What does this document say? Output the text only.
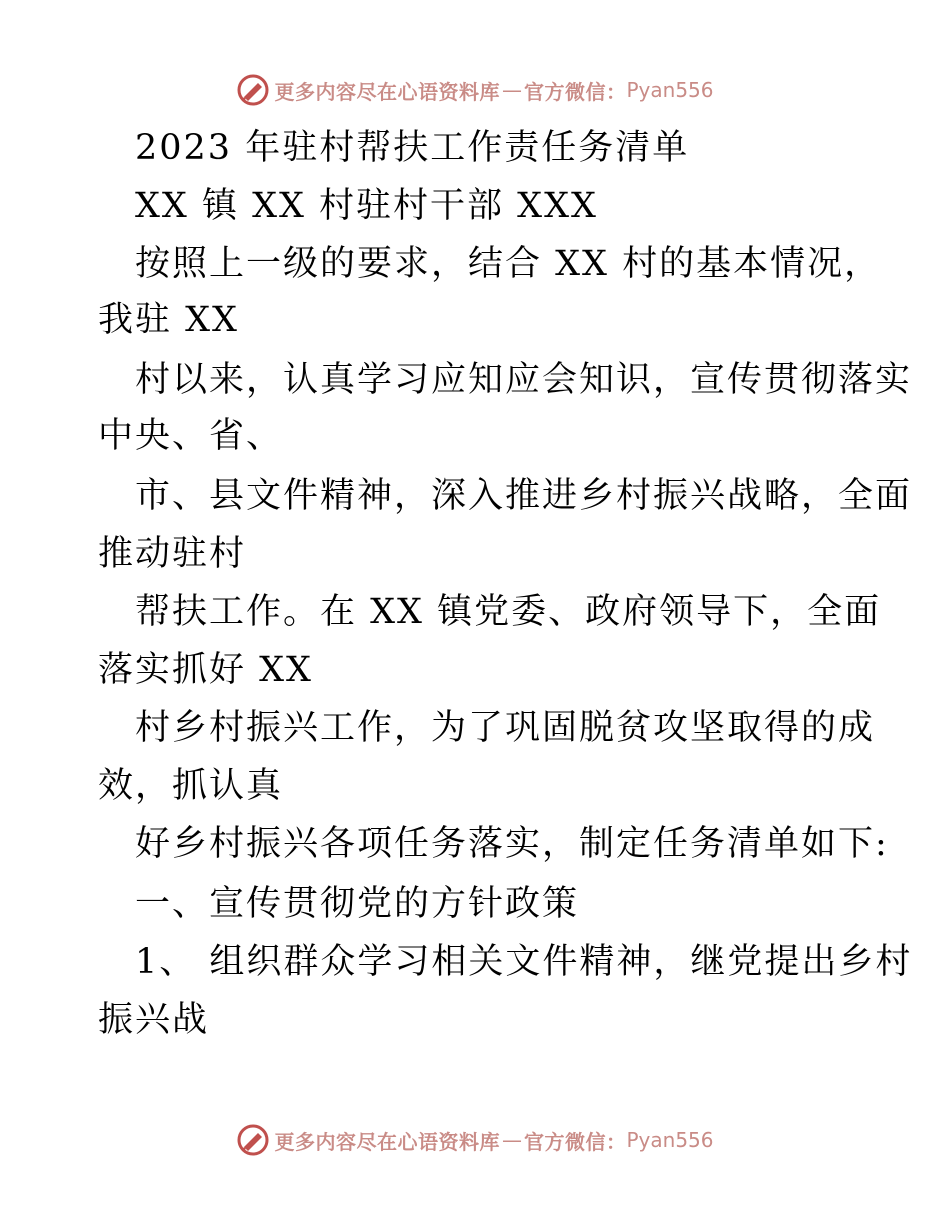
更多内容尽在心语资料库 — 官方微信： Pyan556
2023 年驻村帮扶工作责任务清单
XX 镇 XX 村驻村干部 XXX
按照上一级的要求，结合 XX 村的基本情况，
我驻 XX
村以来，认真学习应知应会知识，宣传贯彻落实
中央、省、
市、县文件精神，深入推进乡村振兴战略，全面
推动驻村
帮扶工作。在 XX 镇党委、政府领导下，全面
落实抓好 XX
村乡村振兴工作，为了巩固脱贫攻坚取得的成
效，抓认真
好乡村振兴各项任务落实，制定任务清单如下:
一、宣传贯彻党的方针政策
1、 组织群众学习相关文件精神，继党提出乡村
振兴战
更多内容尽在心语资料库 — 官方微信： Pyan556
